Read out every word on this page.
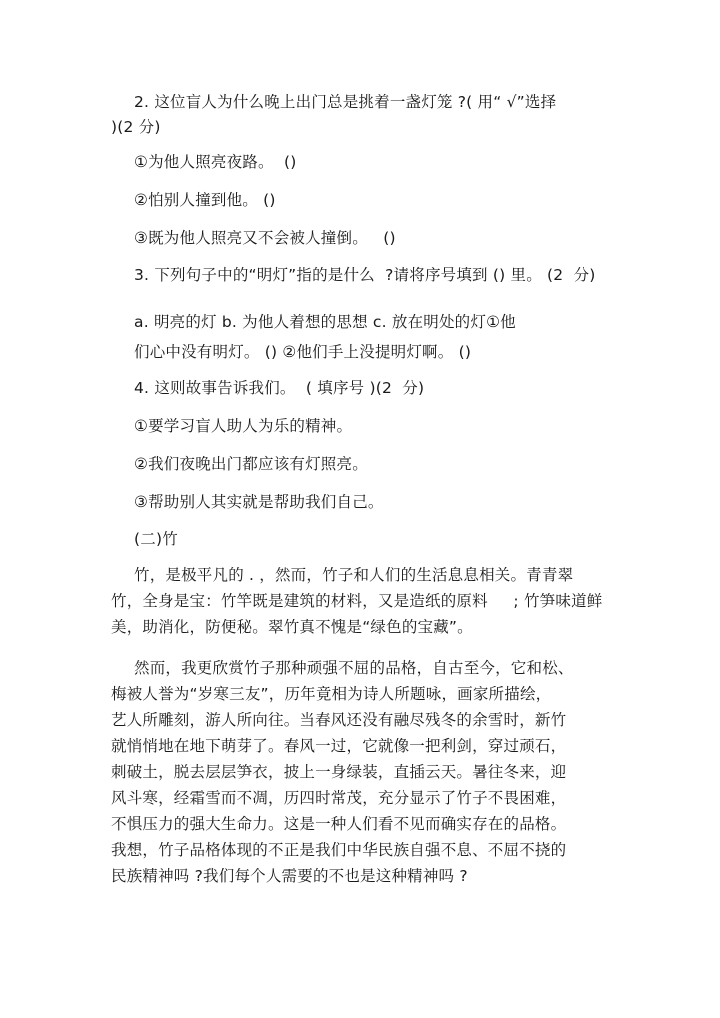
2. 这位盲人为什么晚上出门总是挑着一盏灯笼 ?( 用“ √”选择
)(2 分)
①为他人照亮夜路。  ()
②怕别人撞到他。 ()
③既为他人照亮又不会被人撞倒。   ()
3. 下列句子中的“明灯”指的是什么  ?请将序号填到 () 里。 (2  分)
a. 明亮的灯 b. 为他人着想的思想 c. 放在明处的灯①他
们心中没有明灯。 () ②他们手上没提明灯啊。 ()
4. 这则故事告诉我们。  ( 填序号 )(2  分)
①要学习盲人助人为乐的精神。
②我们夜晚出门都应该有灯照亮。
③帮助别人其实就是帮助我们自己。
(二)竹
竹，是极平凡的 . ，然而，竹子和人们的生活息息相关。青青翠
竹，全身是宝：竹竿既是建筑的材料，又是造纸的原料     ; 竹笋味道鲜
美，助消化，防便秘。翠竹真不愧是“绿色的宝藏”。
然而，我更欣赏竹子那种顽强不屈的品格，自古至今，它和松、
梅被人誉为“岁寒三友”，历年竟相为诗人所题咏，画家所描绘，
艺人所雕刻，游人所向往。当春风还没有融尽残冬的余雪时，新竹
就悄悄地在地下萌芽了。春风一过，它就像一把利剑，穿过顽石，
刺破土，脱去层层笋衣，披上一身绿装，直插云天。暑往冬来，迎
风斗寒，经霜雪而不凋，历四时常茂，充分显示了竹子不畏困难，
不惧压力的强大生命力。这是一种人们看不见而确实存在的品格。
我想，竹子品格体现的不正是我们中华民族自强不息、不屈不挠的
民族精神吗 ?我们每个人需要的不也是这种精神吗 ?
